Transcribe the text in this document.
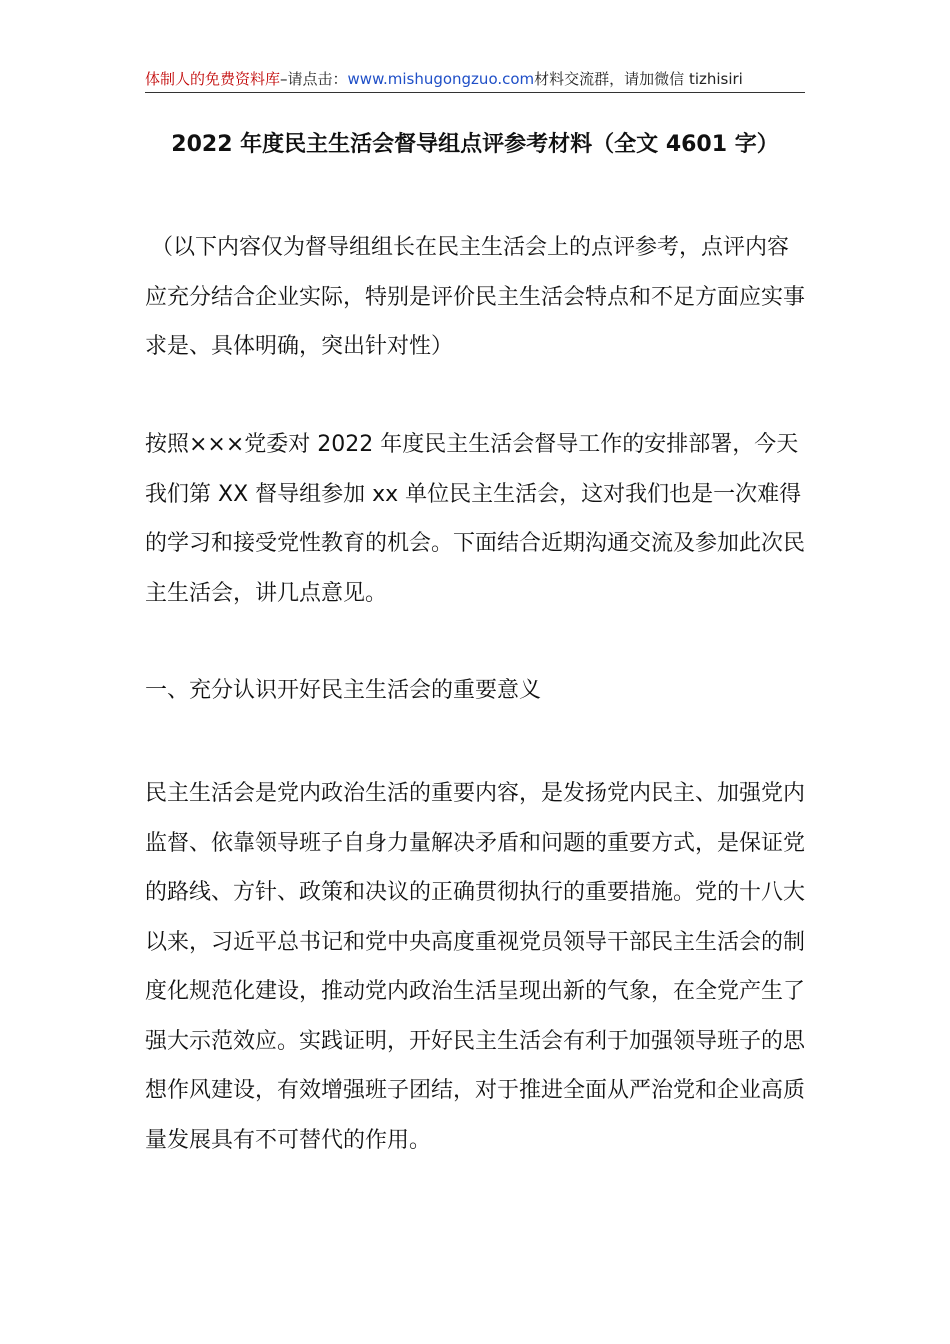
体制人的免费资料库–请点击：www.mishugongzuo.com材料交流群，请加微信 tizhisiri
2022 年度民主生活会督导组点评参考材料（全文 4601 字）

（以下内容仅为督导组组长在民主生活会上的点评参考，点评内容应充分结合企业实际，特别是评价民主生活会特点和不足方面应实事求是、具体明确，突出针对性）

按照×××党委对 2022 年度民主生活会督导工作的安排部署，今天我们第 XX 督导组参加 xx 单位民主生活会，这对我们也是一次难得的学习和接受党性教育的机会。下面结合近期沟通交流及参加此次民主生活会，讲几点意见。

一、充分认识开好民主生活会的重要意义

民主生活会是党内政治生活的重要内容，是发扬党内民主、加强党内监督、依靠领导班子自身力量解决矛盾和问题的重要方式，是保证党的路线、方针、政策和决议的正确贯彻执行的重要措施。党的十八大以来，习近平总书记和党中央高度重视党员领导干部民主生活会的制度化规范化建设，推动党内政治生活呈现出新的气象，在全党产生了强大示范效应。实践证明，开好民主生活会有利于加强领导班子的思想作风建设，有效增强班子团结，对于推进全面从严治党和企业高质量发展具有不可替代的作用。
